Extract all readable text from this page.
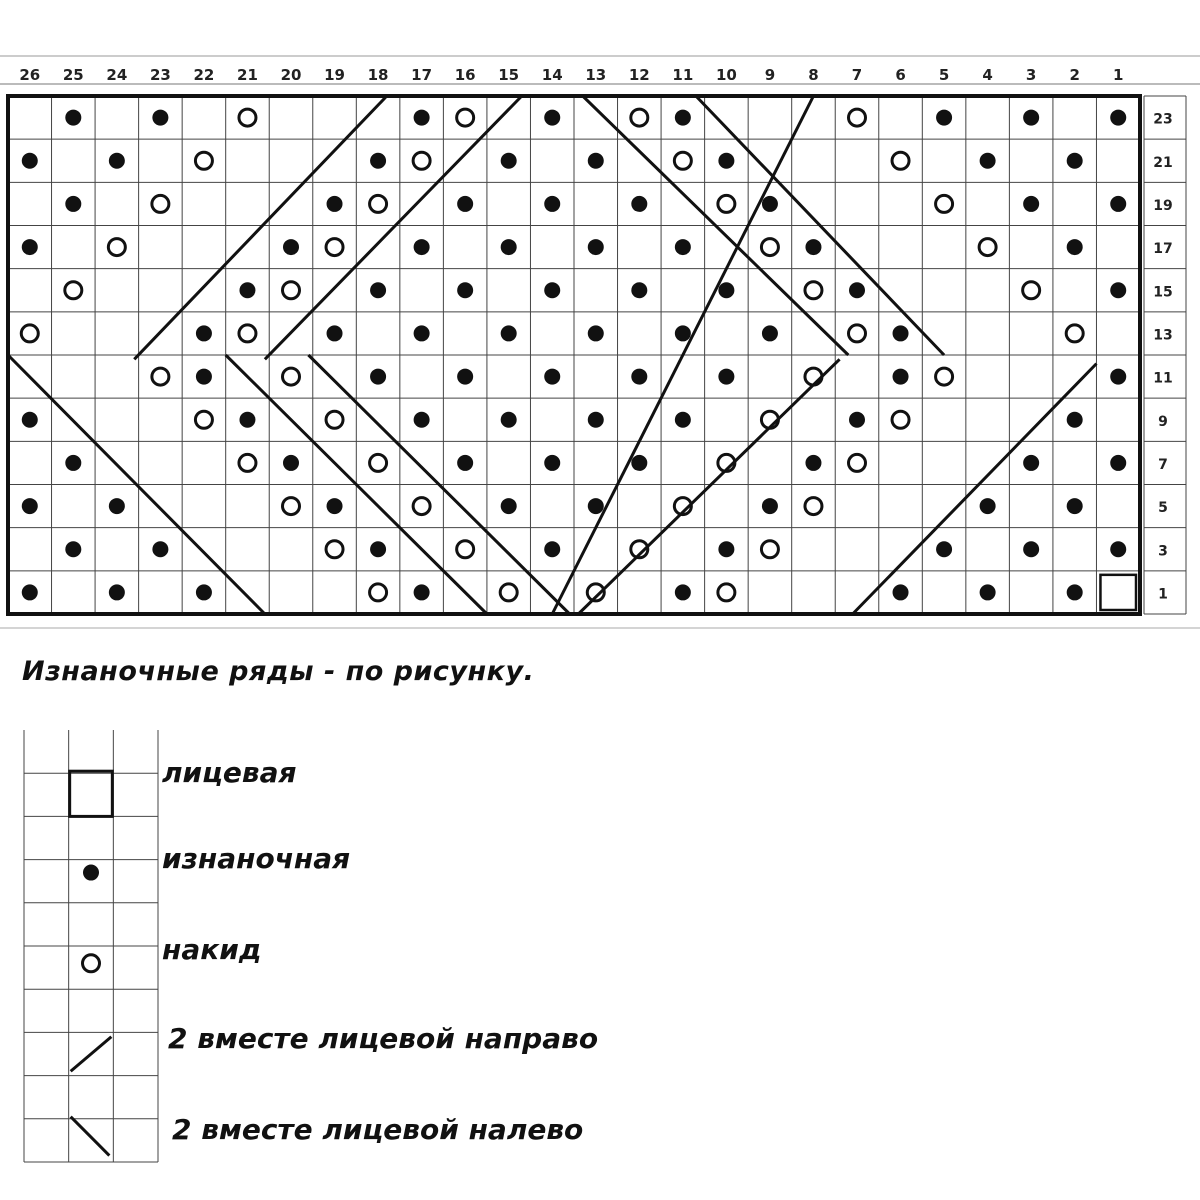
26 25 24 23 22 21 20 19 18 17 16 15 14 13 12 11 10 9 8 7 6 5 4 3 2 1
23
21
19
17
15
13
11
9
7
5
3
1
Изнаночные ряды - по рисунку.
лицевая
изнаночная
накид
2 вместе лицевой направо
2 вместе лицевой налево
